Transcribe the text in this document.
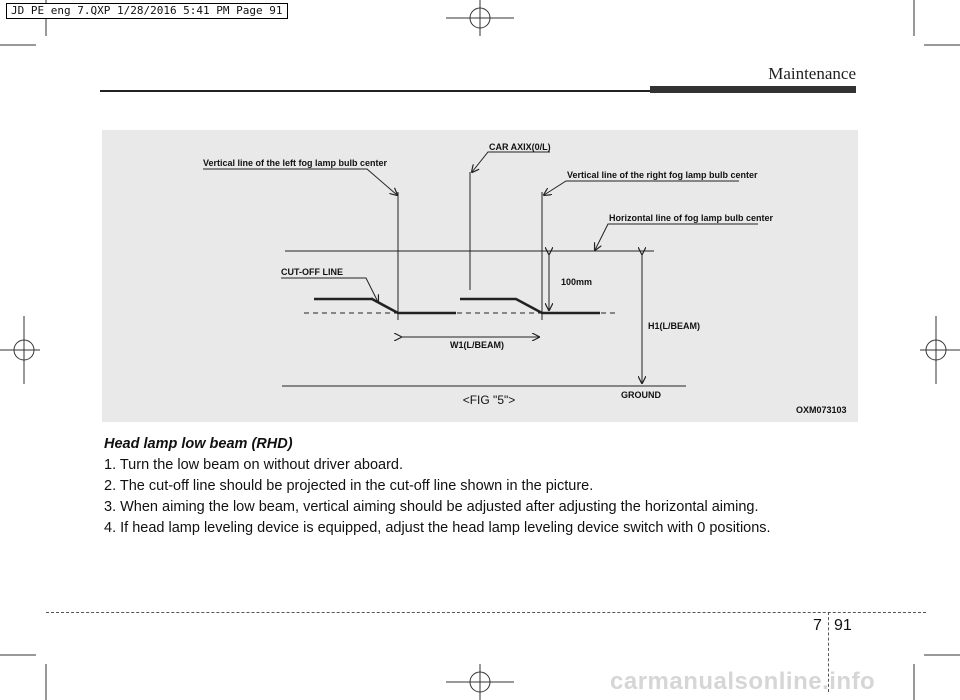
JD PE eng 7.QXP 1/28/2016 5:41 PM Page 91
Maintenance
Vertical line of the left fog lamp bulb center
CAR AXIX(0/L)
Vertical line of the right fog lamp bulb center
Horizontal line of fog lamp bulb center
CUT-OFF LINE
100mm
H1(L/BEAM)
W1(L/BEAM)
GROUND
OXM073103
<FIG "5">
Head lamp low beam (RHD)
1. Turn the low beam on without driver aboard.
2. The cut-off line should be projected in the cut-off line shown in the picture.
3. When aiming the low beam, vertical aiming should be adjusted after adjusting the horizontal aiming.
4. If head lamp leveling device is equipped, adjust the head lamp leveling device switch with 0 positions.
7 91
carmanualsonline.info
